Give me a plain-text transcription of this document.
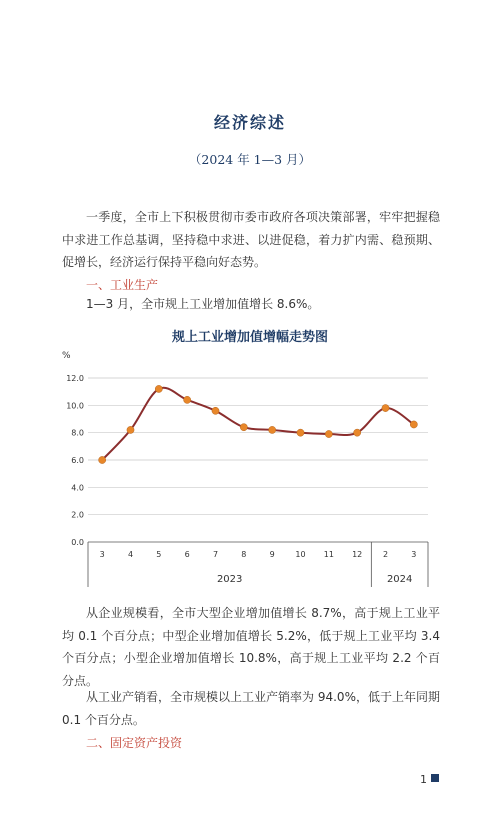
经济综述
（2024 年 1—3 月）
一季度，全市上下积极贯彻市委市政府各项决策部署，牢牢把握稳中求进工作总基调，坚持稳中求进、以进促稳，着力扩内需、稳预期、促增长，经济运行保持平稳向好态势。
一、工业生产
1—3 月，全市规上工业增加值增长 8.6%。
规上工业增加值增幅走势图
%
0.0
2.0
4.0
6.0
8.0
10.0
12.0
3	4	5	6	7	8	9	10 11 12	2	3
2023	2024
从企业规模看，全市大型企业增加值增长 8.7%，高于规上工业平均 0.1 个百分点；中型企业增加值增长 5.2%，低于规上工业平均 3.4 个百分点；小型企业增加值增长 10.8%，高于规上工业平均 2.2 个百分点。
从工业产销看，全市规模以上工业产销率为 94.0%，低于上年同期 0.1 个百分点。
二、固定资产投资
1
